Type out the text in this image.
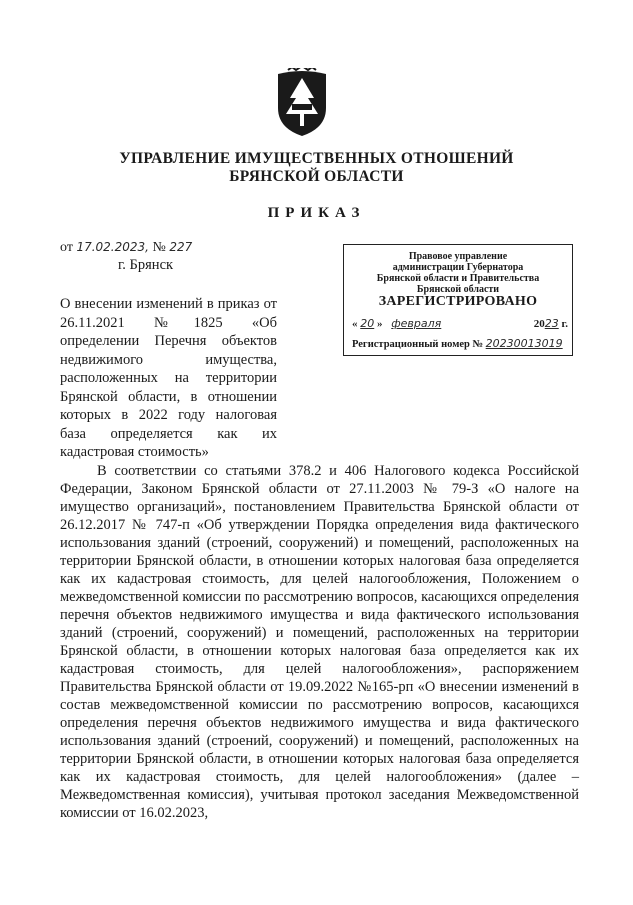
УПРАВЛЕНИЕ ИМУЩЕСТВЕННЫХ ОТНОШЕНИЙ
БРЯНСКОЙ ОБЛАСТИ
ПРИКАЗ
от 17.02.2023, № 227
г. Брянск
Правовое управление
администрации Губернатора
Брянской области и Правительства
Брянской области
ЗАРЕГИСТРИРОВАНО
« 20 » февраля	2023 г.
Регистрационный номер № 20230013019
О внесении изменений в приказ от 26.11.2021 №1825 «Об определении Перечня объектов недвижимого имущества, расположенных на территории Брянской области, в отношении которых в 2022 году налоговая база определяется как их кадастровая стоимость»
В соответствии со статьями 378.2 и 406 Налогового кодекса Российской Федерации, Законом Брянской области от 27.11.2003 № 79-З «О налоге на имущество организаций», постановлением Правительства Брянской области от 26.12.2017 № 747-п «Об утверждении Порядка определения вида фактического использования зданий (строений, сооружений) и помещений, расположенных на территории Брянской области, в отношении которых налоговая база определяется как их кадастровая стоимость, для целей налогообложения, Положением о межведомственной комиссии по рассмотрению вопросов, касающихся определения перечня объектов недвижимого имущества и вида фактического использования зданий (строений, сооружений) и помещений, расположенных на территории Брянской области, в отношении которых налоговая база определяется как их кадастровая стоимость, для целей налогообложения», распоряжением Правительства Брянской области от 19.09.2022 №165-рп «О внесении изменений в состав межведомственной комиссии по рассмотрению вопросов, касающихся определения перечня объектов недвижимого имущества и вида фактического использования зданий (строений, сооружений) и помещений, расположенных на территории Брянской области, в отношении которых налоговая база определяется как их кадастровая стоимость, для целей налогообложения» (далее – Межведомственная комиссия), учитывая протокол заседания Межведомственной комиссии от 16.02.2023,
